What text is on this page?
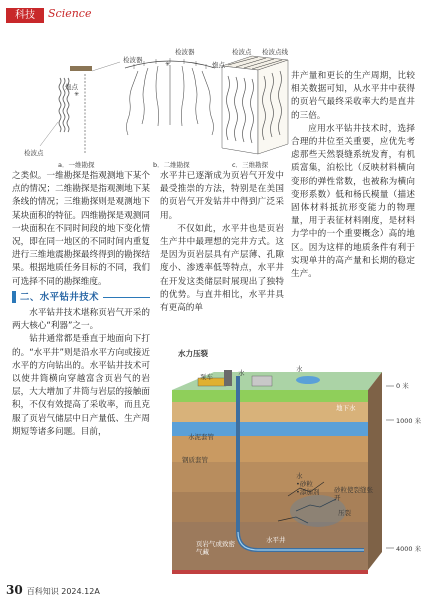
科技	Science
✳
✳
检波器
检波器	检波点 检波点线
炮点
炮点
检波点
a．一维勘探	b．二维勘探	c．三维勘探

之类似。一维勘探是指观测地下某个点的情况；二维勘探是指观测地下某条线的情况；三维勘探则是观测地下某块面积的特征。四维勘探是观测同一块面积在不同时间段的地下变化情况，即在同一地区的不同时间内重复进行三维地震勘探最终得到的勘探结果。根据地质任务目标的不同，我们可选择不同的勘探维度。

二、水平钻井技术

水平钻井技术堪称页岩气开采的两大核心“利器”之一。

钻井通常都是垂直于地面向下打的。“水平井”则是沿水平方向或接近水平的方向钻出的。水平钻井技术可以使井筒横向穿越富含页岩气的岩层，大大增加了井筒与岩层的接触面积，不仅有效提高了采收率，而且克服了页岩气储层中日产量低、生产周期短等诸多问题。目前，

水平井已逐渐成为页岩气开发中最受推崇的方法，特别是在美国的页岩气开发钻井中得到广泛采用。

不仅如此，水平井也是页岩生产井中最理想的完井方式。这是因为页岩层具有产层薄、孔隙度小、渗透率低等特点，水平井在开发这类储层时展现出了独特的优势。与直井相比，水平井具有更高的单

井产量和更长的生产周期，比较相关数据可知，从水平井中获得的页岩气最终采收率大约是直井的三倍。

应用水平钻井技术时，选择合理的井位至关重要，应优先考虑那些天然裂缝系统发育，有机质富集，泊松比（反映材料横向变形的弹性常数，也被称为横向变形系数）低和杨氏模量（描述固体材料抵抗形变能力的物理量，用于表征材料刚度，是材料力学中的一个重要概念）高的地区。因为这样的地质条件有利于实现单井的高产量和长期的稳定生产。

水力压裂
泵车	水	水
地下水
水泥套管
钢质套管
水
•砂粒
•添加剂 砂粒使裂缝张开
压裂
页岩气或致密气藏
水平井
0 米
1000 米
4000 米
30 百科知识 2024.12A
